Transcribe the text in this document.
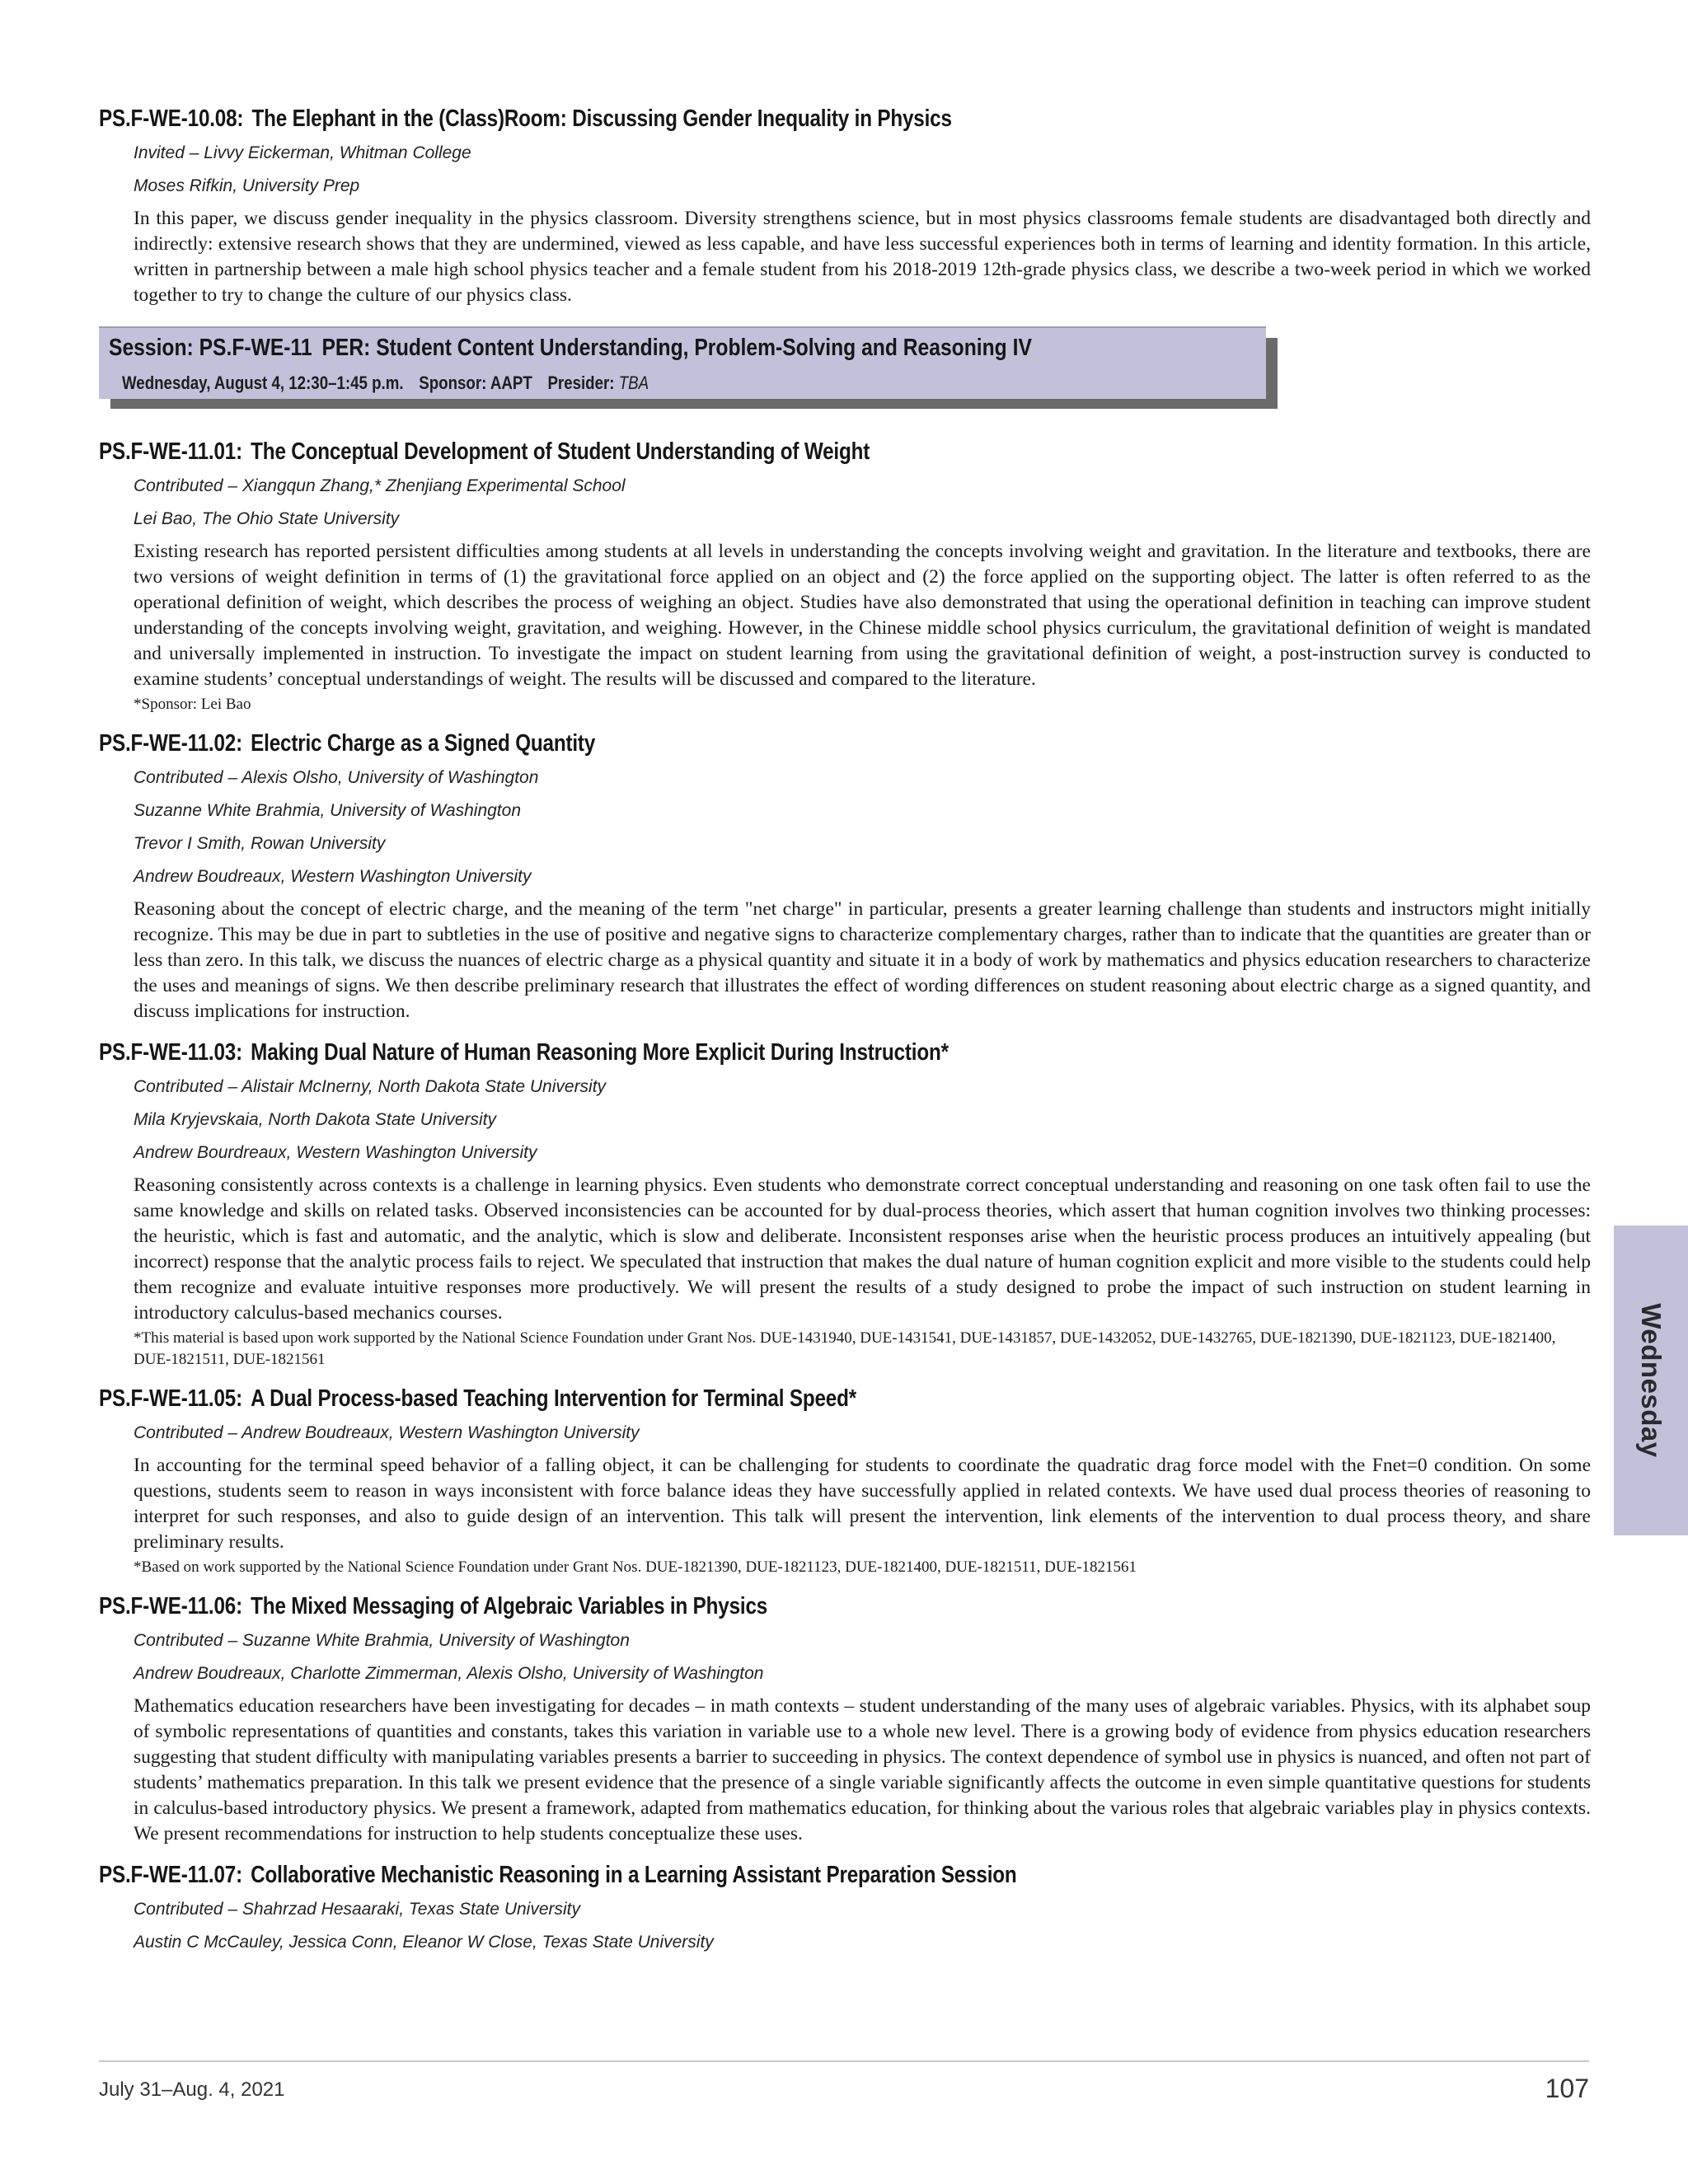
PS.F-WE-10.08: The Elephant in the (Class)Room: Discussing Gender Inequality in Physics
Invited – Livvy Eickerman, Whitman College
Moses Rifkin, University Prep
In this paper, we discuss gender inequality in the physics classroom. Diversity strengthens science, but in most physics classrooms female students are disadvantaged both directly and indirectly: extensive research shows that they are undermined, viewed as less capable, and have less successful experiences both in terms of learning and identity formation. In this article, written in partnership between a male high school physics teacher and a female student from his 2018-2019 12th-grade physics class, we describe a two-week period in which we worked together to try to change the culture of our physics class.
Session: PS.F-WE-11 PER: Student Content Understanding, Problem-Solving and Reasoning IV
Wednesday, August 4, 12:30–1:45 p.m. Sponsor: AAPT Presider: TBA
PS.F-WE-11.01: The Conceptual Development of Student Understanding of Weight
Contributed – Xiangqun Zhang,* Zhenjiang Experimental School
Lei Bao, The Ohio State University
Existing research has reported persistent difficulties among students at all levels in understanding the concepts involving weight and gravitation. In the literature and textbooks, there are two versions of weight definition in terms of (1) the gravitational force applied on an object and (2) the force applied on the supporting object. The latter is often referred to as the operational definition of weight, which describes the process of weighing an object. Studies have also demonstrated that using the operational definition in teaching can improve student understanding of the concepts involving weight, gravitation, and weighing. However, in the Chinese middle school physics curriculum, the gravitational definition of weight is mandated and universally implemented in instruction. To investigate the impact on student learning from using the gravitational definition of weight, a post-instruction survey is conducted to examine students’ conceptual understandings of weight. The results will be discussed and compared to the literature.
*Sponsor: Lei Bao
PS.F-WE-11.02: Electric Charge as a Signed Quantity
Contributed – Alexis Olsho, University of Washington
Suzanne White Brahmia, University of Washington
Trevor I Smith, Rowan University
Andrew Boudreaux, Western Washington University
Reasoning about the concept of electric charge, and the meaning of the term "net charge" in particular, presents a greater learning challenge than students and instructors might initially recognize. This may be due in part to subtleties in the use of positive and negative signs to characterize complementary charges, rather than to indicate that the quantities are greater than or less than zero. In this talk, we discuss the nuances of electric charge as a physical quantity and situate it in a body of work by mathematics and physics education researchers to characterize the uses and meanings of signs. We then describe preliminary research that illustrates the effect of wording differences on student reasoning about electric charge as a signed quantity, and discuss implications for instruction.
PS.F-WE-11.03: Making Dual Nature of Human Reasoning More Explicit During Instruction*
Contributed – Alistair McInerny, North Dakota State University
Mila Kryjevskaia, North Dakota State University
Andrew Bourdreaux, Western Washington University
Reasoning consistently across contexts is a challenge in learning physics. Even students who demonstrate correct conceptual understanding and reasoning on one task often fail to use the same knowledge and skills on related tasks. Observed inconsistencies can be accounted for by dual-process theories, which assert that human cognition involves two thinking processes: the heuristic, which is fast and automatic, and the analytic, which is slow and deliberate. Inconsistent responses arise when the heuristic process produces an intuitively appealing (but incorrect) response that the analytic process fails to reject. We speculated that instruction that makes the dual nature of human cognition explicit and more visible to the students could help them recognize and evaluate intuitive responses more productively. We will present the results of a study designed to probe the impact of such instruction on student learning in introductory calculus-based mechanics courses.
*This material is based upon work supported by the National Science Foundation under Grant Nos. DUE-1431940, DUE-1431541, DUE-1431857, DUE-1432052, DUE-1432765, DUE-1821390, DUE-1821123, DUE-1821400, DUE-1821511, DUE-1821561
PS.F-WE-11.05: A Dual Process-based Teaching Intervention for Terminal Speed*
Contributed – Andrew Boudreaux, Western Washington University
In accounting for the terminal speed behavior of a falling object, it can be challenging for students to coordinate the quadratic drag force model with the Fnet=0 condition. On some questions, students seem to reason in ways inconsistent with force balance ideas they have successfully applied in related contexts. We have used dual process theories of reasoning to interpret for such responses, and also to guide design of an intervention. This talk will present the intervention, link elements of the intervention to dual process theory, and share preliminary results.
*Based on work supported by the National Science Foundation under Grant Nos. DUE-1821390, DUE-1821123, DUE-1821400, DUE-1821511, DUE-1821561
PS.F-WE-11.06: The Mixed Messaging of Algebraic Variables in Physics
Contributed – Suzanne White Brahmia, University of Washington
Andrew Boudreaux, Charlotte Zimmerman, Alexis Olsho, University of Washington
Mathematics education researchers have been investigating for decades – in math contexts – student understanding of the many uses of algebraic variables. Physics, with its alphabet soup of symbolic representations of quantities and constants, takes this variation in variable use to a whole new level. There is a growing body of evidence from physics education researchers suggesting that student difficulty with manipulating variables presents a barrier to succeeding in physics. The context dependence of symbol use in physics is nuanced, and often not part of students’ mathematics preparation. In this talk we present evidence that the presence of a single variable significantly affects the outcome in even simple quantitative questions for students in calculus-based introductory physics. We present a framework, adapted from mathematics education, for thinking about the various roles that algebraic variables play in physics contexts. We present recommendations for instruction to help students conceptualize these uses.
PS.F-WE-11.07: Collaborative Mechanistic Reasoning in a Learning Assistant Preparation Session
Contributed – Shahrzad Hesaaraki, Texas State University
Austin C McCauley, Jessica Conn, Eleanor W Close, Texas State University
Wednesday
July 31–Aug. 4, 2021	107
